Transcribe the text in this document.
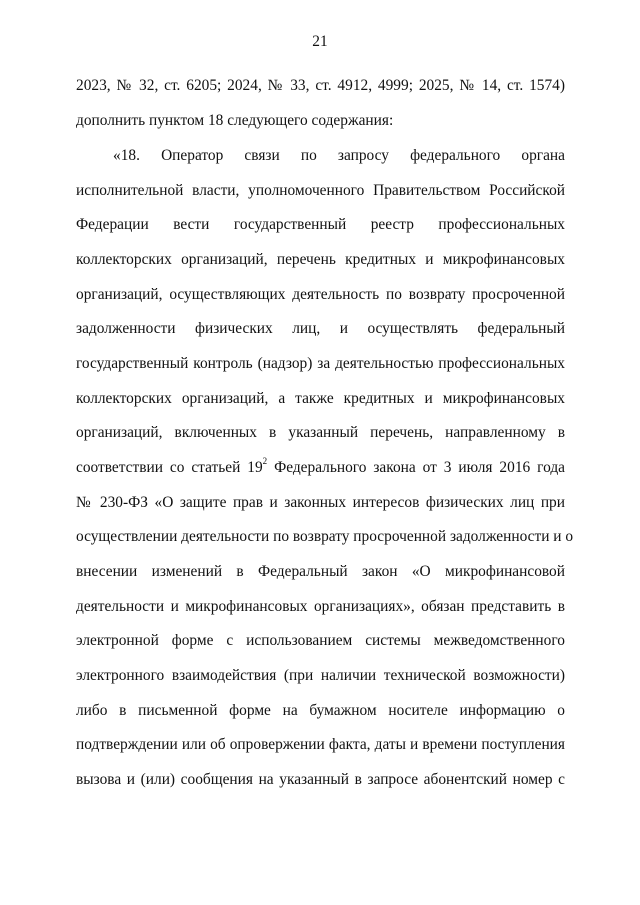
21
2023, № 32, ст. 6205; 2024, № 33, ст. 4912, 4999; 2025, № 14, ст. 1574)
дополнить пунктом 18 следующего содержания:
«18. Оператор связи по запросу федерального органа
исполнительной власти, уполномоченного Правительством Российской
Федерации вести государственный реестр профессиональных
коллекторских организаций, перечень кредитных и микрофинансовых
организаций, осуществляющих деятельность по возврату просроченной
задолженности физических лиц, и осуществлять федеральный
государственный контроль (надзор) за деятельностью профессиональных
коллекторских организаций, а также кредитных и микрофинансовых
организаций, включенных в указанный перечень, направленному в
соответствии со статьей $19^2$ Федерального закона от 3 июля 2016 года
№ 230-ФЗ «О защите прав и законных интересов физических лиц при
осуществлении деятельности по возврату просроченной задолженности и о
внесении изменений в Федеральный закон «О микрофинансовой
деятельности и микрофинансовых организациях», обязан представить в
электронной форме с использованием системы межведомственного
электронного взаимодействия (при наличии технической возможности)
либо в письменной форме на бумажном носителе информацию о
подтверждении или об опровержении факта, даты и времени поступления
вызова и (или) сообщения на указанный в запросе абонентский номер с
